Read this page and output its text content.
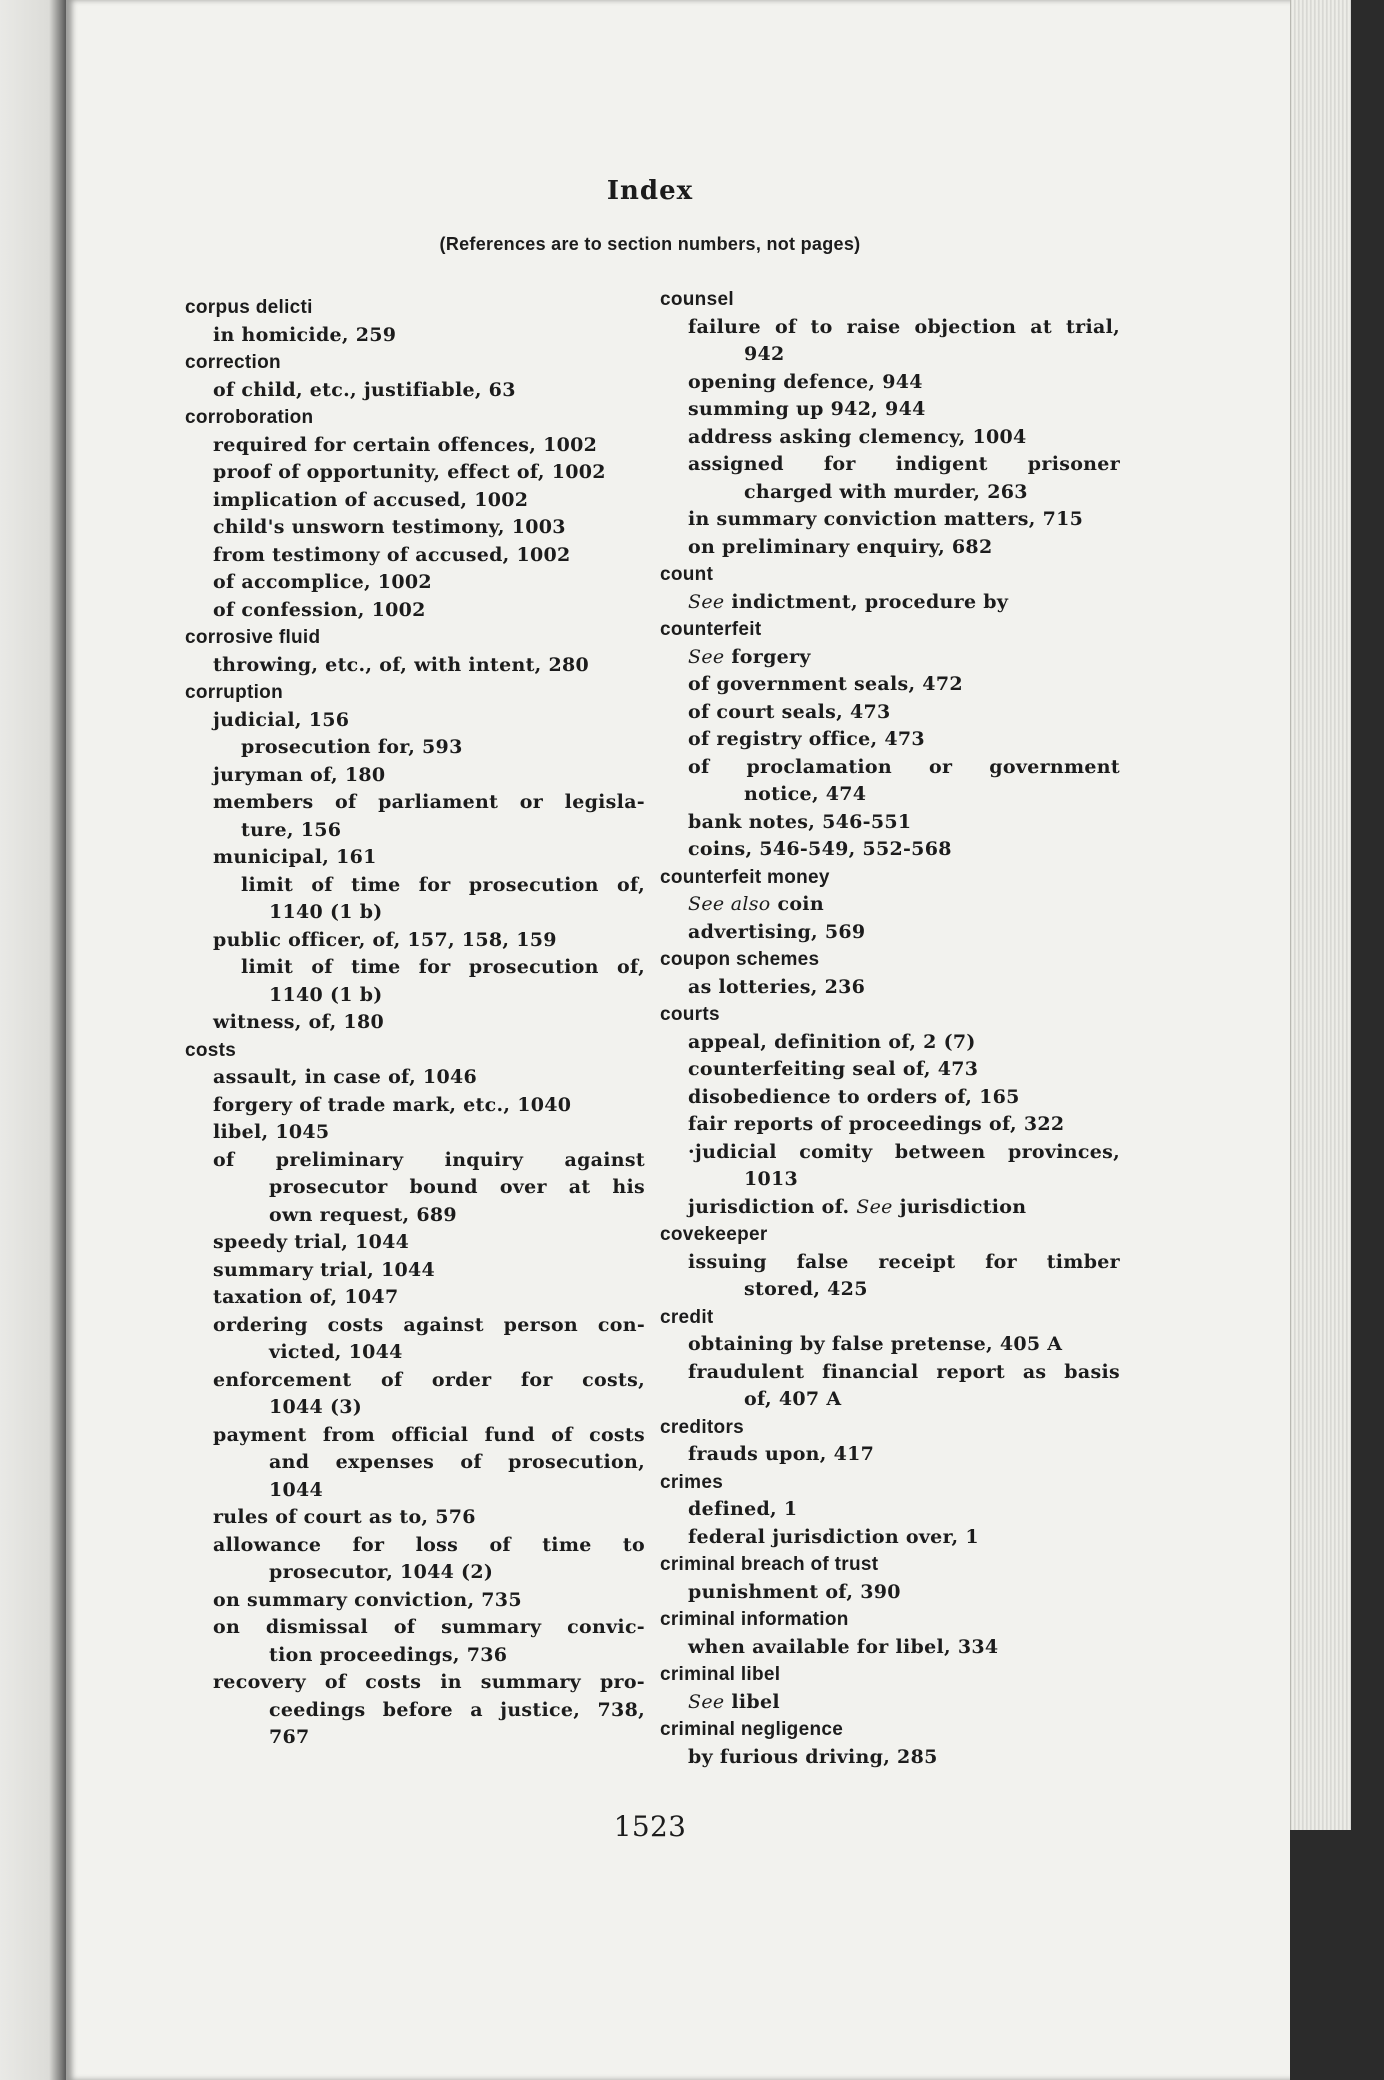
Index
(References are to section numbers, not pages)
corpus delicti
in homicide, 259
correction
of child, etc., justifiable, 63
corroboration
required for certain offences, 1002
proof of opportunity, effect of, 1002
implication of accused, 1002
child's unsworn testimony, 1003
from testimony of accused, 1002
of accomplice, 1002
of confession, 1002
corrosive fluid
throwing, etc., of, with intent, 280
corruption
judicial, 156
prosecution for, 593
juryman of, 180
members of parliament or legisla-
ture, 156
municipal, 161
limit of time for prosecution of,
1140 (1 b)
public officer, of, 157, 158, 159
limit of time for prosecution of,
1140 (1 b)
witness, of, 180
costs
assault, in case of, 1046
forgery of trade mark, etc., 1040
libel, 1045
of preliminary inquiry against
prosecutor bound over at his
own request, 689
speedy trial, 1044
summary trial, 1044
taxation of, 1047
ordering costs against person con-
victed, 1044
enforcement of order for costs,
1044 (3)
payment from official fund of costs
and expenses of prosecution,
1044
rules of court as to, 576
allowance for loss of time to
prosecutor, 1044 (2)
on summary conviction, 735
on dismissal of summary convic-
tion proceedings, 736
recovery of costs in summary pro-
ceedings before a justice, 738,
767
counsel
failure of to raise objection at trial,
942
opening defence, 944
summing up 942, 944
address asking clemency, 1004
assigned for indigent prisoner
charged with murder, 263
in summary conviction matters, 715
on preliminary enquiry, 682
count
See indictment, procedure by
counterfeit
See forgery
of government seals, 472
of court seals, 473
of registry office, 473
of proclamation or government
notice, 474
bank notes, 546-551
coins, 546-549, 552-568
counterfeit money
See also coin
advertising, 569
coupon schemes
as lotteries, 236
courts
appeal, definition of, 2 (7)
counterfeiting seal of, 473
disobedience to orders of, 165
fair reports of proceedings of, 322
·judicial comity between provinces,
1013
jurisdiction of. See jurisdiction
covekeeper
issuing false receipt for timber
stored, 425
credit
obtaining by false pretense, 405 A
fraudulent financial report as basis
of, 407 A
creditors
frauds upon, 417
crimes
defined, 1
federal jurisdiction over, 1
criminal breach of trust
punishment of, 390
criminal information
when available for libel, 334
criminal libel
See libel
criminal negligence
by furious driving, 285
1523
